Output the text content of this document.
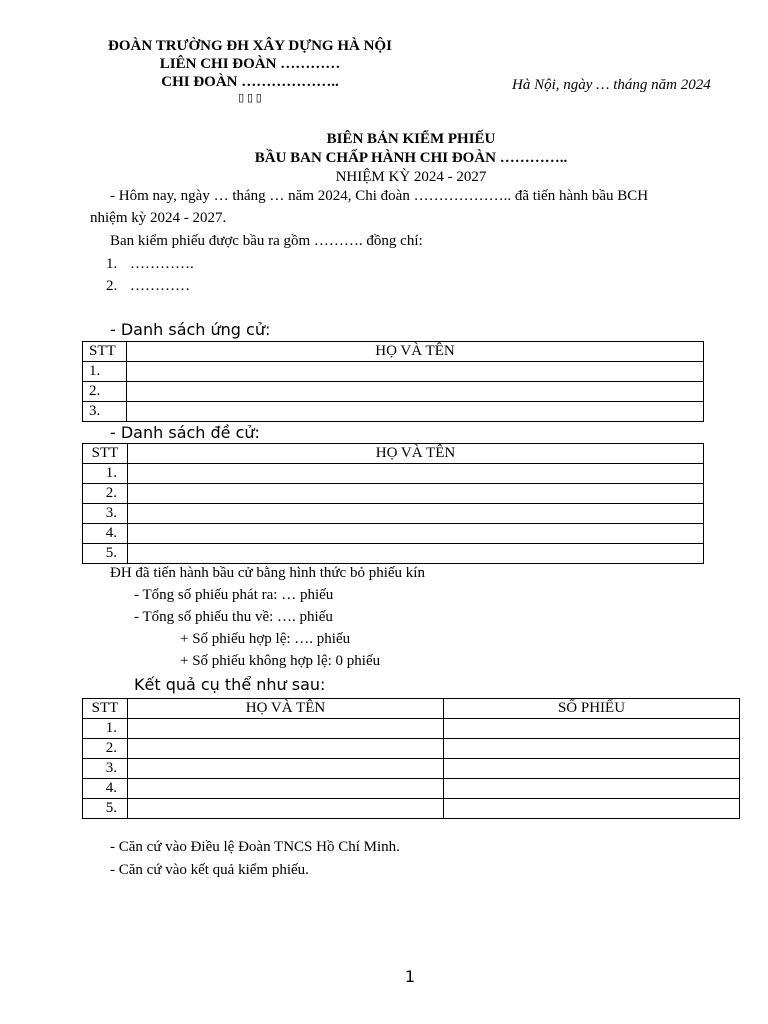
ĐOÀN TRƯỜNG ĐH XÂY DỰNG HÀ NỘI
LIÊN CHI ĐOÀN …………
CHI ĐOÀN ………………..
▯ ▯ ▯
Hà Nội, ngày … tháng năm 2024
BIÊN BẢN KIỂM PHIẾU
BẦU BAN CHẤP HÀNH CHI ĐOÀN …………..
NHIỆM KỲ 2024 - 2027
- Hôm nay, ngày … tháng … năm 2024, Chi đoàn ……………….. đã tiến hành bầu BCH
nhiệm kỳ 2024 - 2027.
Ban kiểm phiếu được bầu ra gồm ………. đồng chí:
1. ………….
2. …………
- Danh sách ứng cử:
STT	HỌ VÀ TÊN
1.	
2.	
3.	
- Danh sách đề cử:
STT	HỌ VÀ TÊN
1.	
2.	
3.	
4.	
5.	
ĐH đã tiến hành bầu cử bằng hình thức bỏ phiếu kín
- Tổng số phiếu phát ra: … phiếu
- Tổng số phiếu thu về: …. phiếu
+ Số phiếu hợp lệ: …. phiếu
+ Số phiếu không hợp lệ: 0 phiếu
Kết quả cụ thể như sau:
STT	HỌ VÀ TÊN	SỐ PHIẾU
1.		
2.		
3.		
4.		
5.		
- Căn cứ vào Điều lệ Đoàn TNCS Hồ Chí Minh.
- Căn cứ vào kết quả kiểm phiếu.
1
